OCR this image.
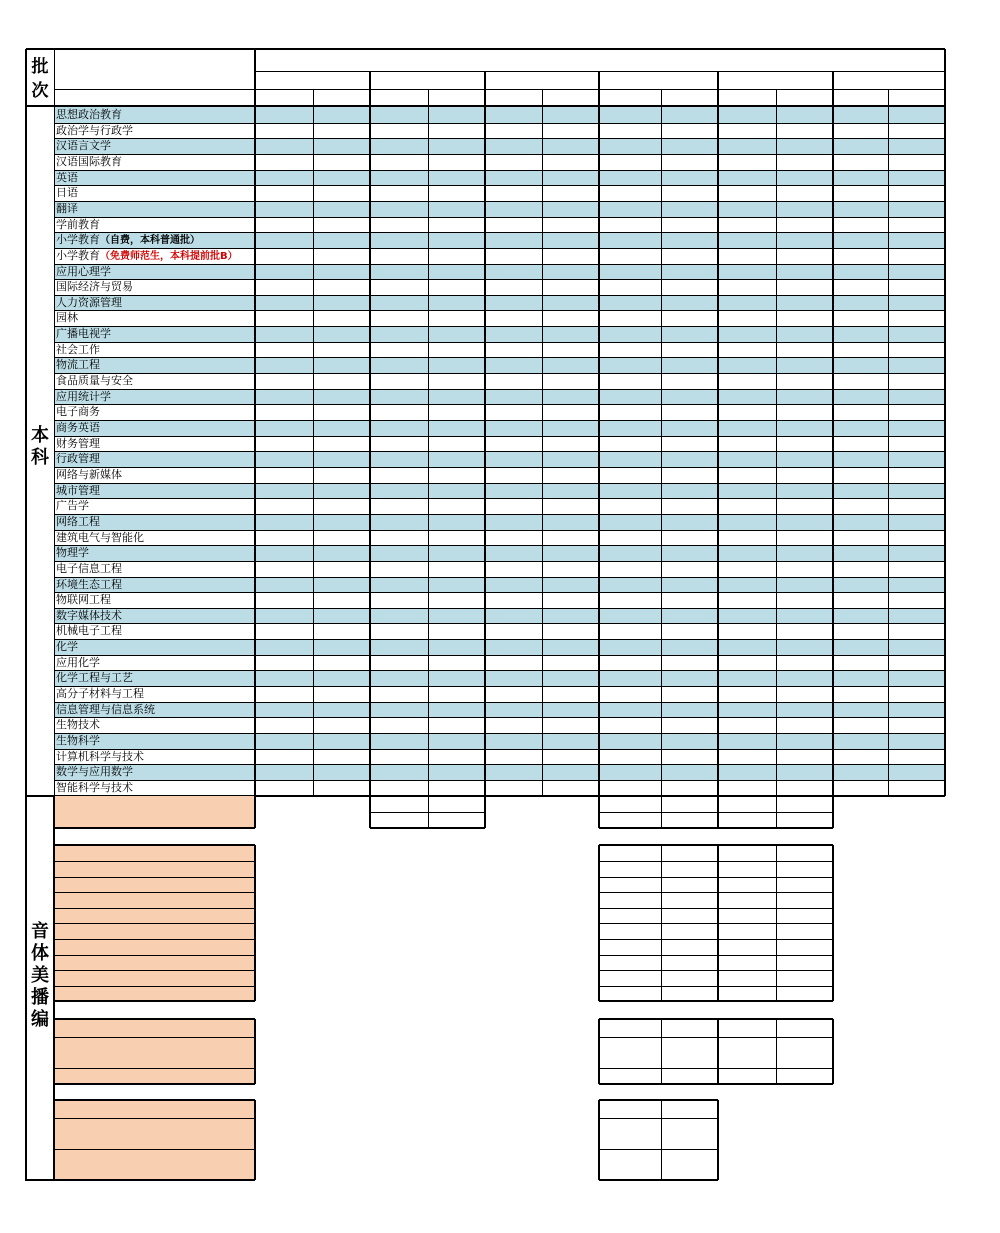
批
次
思想政治教育
政治学与行政学
汉语言文学
汉语国际教育
英语
日语
翻译
学前教育
小学教育（自费，本科普通批）
小学教育（免费师范生，本科提前批B）
应用心理学
国际经济与贸易
人力资源管理
园林
广播电视学
社会工作
物流工程
食品质量与安全
应用统计学
电子商务
商务英语
财务管理
行政管理
网络与新媒体
城市管理
广告学
网络工程
建筑电气与智能化
物理学
电子信息工程
环境生态工程
物联网工程
数字媒体技术
机械电子工程
化学
应用化学
化学工程与工艺
高分子材料与工程
信息管理与信息系统
生物技术
生物科学
计算机科学与技术
数学与应用数学
智能科学与技术
本
科
音
体
美
播
编
